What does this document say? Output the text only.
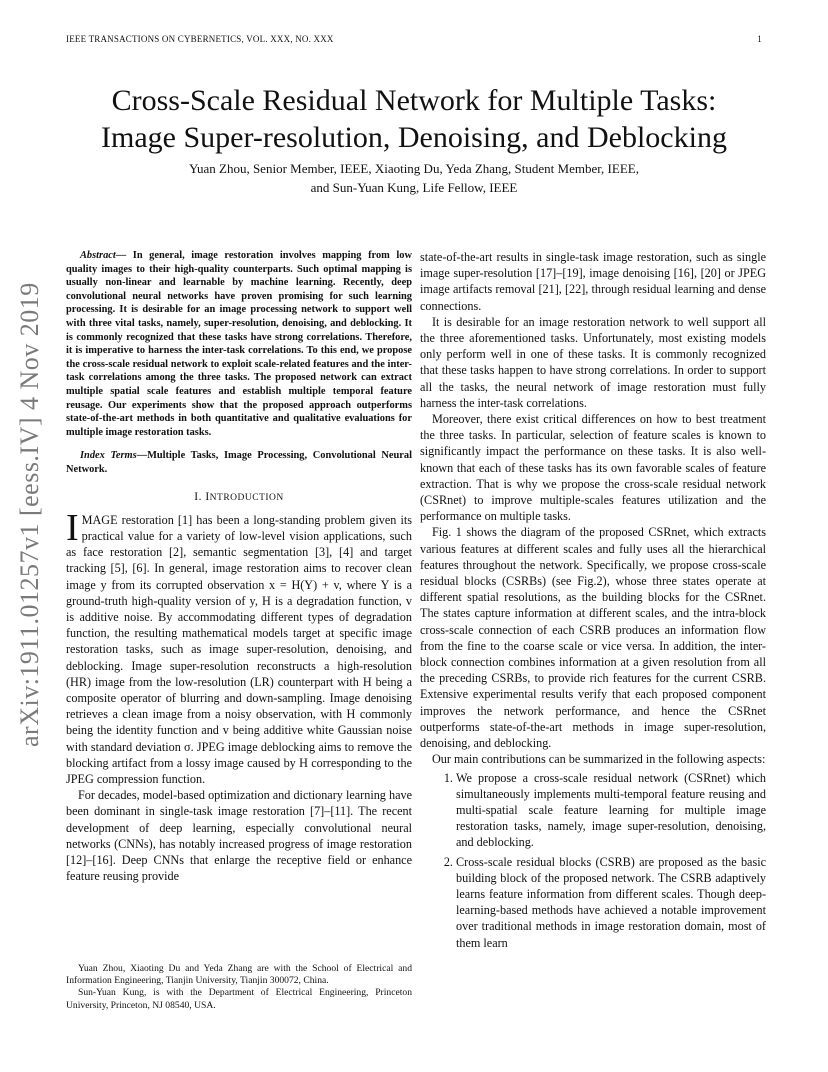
IEEE TRANSACTIONS ON CYBERNETICS, VOL. XXX, NO. XXX	1
arXiv:1911.01257v1 [eess.IV] 4 Nov 2019
Cross-Scale Residual Network for Multiple Tasks:
Image Super-resolution, Denoising, and Deblocking
Yuan Zhou, Senior Member, IEEE, Xiaoting Du, Yeda Zhang, Student Member, IEEE,
and Sun-Yuan Kung, Life Fellow, IEEE

Abstract— In general, image restoration involves mapping from low quality images to their high-quality counterparts. Such optimal mapping is usually non-linear and learnable by machine learning. Recently, deep convolutional neural networks have proven promising for such learning processing. It is desirable for an image processing network to support well with three vital tasks, namely, super-resolution, denoising, and deblocking. It is commonly recognized that these tasks have strong correlations. Therefore, it is imperative to harness the inter-task correlations. To this end, we propose the cross-scale residual network to exploit scale-related features and the inter-task correlations among the three tasks. The proposed network can extract multiple spatial scale features and establish multiple temporal feature reusage. Our experiments show that the proposed approach outperforms state-of-the-art methods in both quantitative and qualitative evaluations for multiple image restoration tasks.

Index Terms—Multiple Tasks, Image Processing, Convolutional Neural Network.

I. INTRODUCTION

IMAGE restoration [1] has been a long-standing problem given its practical value for a variety of low-level vision applications, such as face restoration [2], semantic segmentation [3], [4] and target tracking [5], [6]. In general, image restoration aims to recover clean image y from its corrupted observation x = H(Y) + v, where Y is a ground-truth high-quality version of y, H is a degradation function, v is additive noise. By accommodating different types of degradation function, the resulting mathematical models target at specific image restoration tasks, such as image super-resolution, denoising, and deblocking. Image super-resolution reconstructs a high-resolution (HR) image from the low-resolution (LR) counterpart with H being a composite operator of blurring and down-sampling. Image denoising retrieves a clean image from a noisy observation, with H commonly being the identity function and v being additive white Gaussian noise with standard deviation σ. JPEG image deblocking aims to remove the blocking artifact from a lossy image caused by H corresponding to the JPEG compression function.

For decades, model-based optimization and dictionary learning have been dominant in single-task image restoration [7]–[11]. The recent development of deep learning, especially convolutional neural networks (CNNs), has notably increased progress of image restoration [12]–[16]. Deep CNNs that enlarge the receptive field or enhance feature reusing provide

state-of-the-art results in single-task image restoration, such as single image super-resolution [17]–[19], image denoising [16], [20] or JPEG image artifacts removal [21], [22], through residual learning and dense connections.

It is desirable for an image restoration network to well support all the three aforementioned tasks. Unfortunately, most existing models only perform well in one of these tasks. It is commonly recognized that these tasks happen to have strong correlations. In order to support all the tasks, the neural network of image restoration must fully harness the inter-task correlations.

Moreover, there exist critical differences on how to best treatment the three tasks. In particular, selection of feature scales is known to significantly impact the performance on these tasks. It is also well-known that each of these tasks has its own favorable scales of feature extraction. That is why we propose the cross-scale residual network (CSRnet) to improve multiple-scales features utilization and the performance on multiple tasks.

Fig. 1 shows the diagram of the proposed CSRnet, which extracts various features at different scales and fully uses all the hierarchical features throughout the network. Specifically, we propose cross-scale residual blocks (CSRBs) (see Fig.2), whose three states operate at different spatial resolutions, as the building blocks for the CSRnet. The states capture information at different scales, and the intra-block cross-scale connection of each CSRB produces an information flow from the fine to the coarse scale or vice versa. In addition, the inter-block connection combines information at a given resolution from all the preceding CSRBs, to provide rich features for the current CSRB. Extensive experimental results verify that each proposed component improves the network performance, and hence the CSRnet outperforms state-of-the-art methods in image super-resolution, denoising, and deblocking.

Our main contributions can be summarized in the following aspects:

1. We propose a cross-scale residual network (CSRnet) which simultaneously implements multi-temporal feature reusing and multi-spatial scale feature learning for multiple image restoration tasks, namely, image super-resolution, denoising, and deblocking.
2. Cross-scale residual blocks (CSRB) are proposed as the basic building block of the proposed network. The CSRB adaptively learns feature information from different scales. Though deep-learning-based methods have achieved a notable improvement over traditional methods in image restoration domain, most of them learn

Yuan Zhou, Xiaoting Du and Yeda Zhang are with the School of Electrical and Information Engineering, Tianjin University, Tianjin 300072, China.

Sun-Yuan Kung, is with the Department of Electrical Engineering, Princeton University, Princeton, NJ 08540, USA.
